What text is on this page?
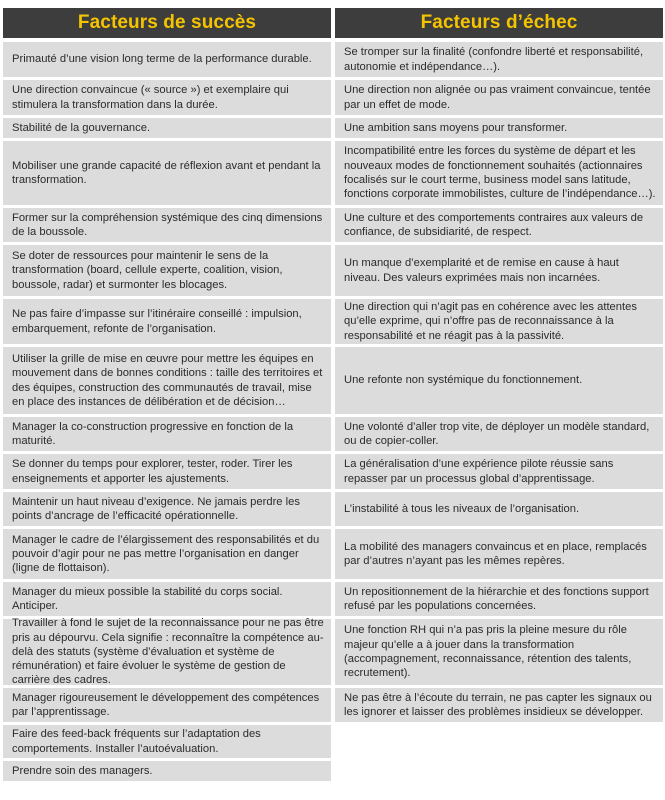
Facteurs de succès
Primauté d’une vision long terme de la performance durable.
Une direction convaincue (« source ») et exemplaire qui stimulera la transformation dans la durée.
Stabilité de la gouvernance.
Mobiliser une grande capacité de réflexion avant et pendant la transformation.
Former sur la compréhension systémique des cinq dimensions de la boussole.
Se doter de ressources pour maintenir le sens de la transformation (board, cellule experte, coalition, vision, boussole, radar) et surmonter les blocages.
Ne pas faire d’impasse sur l’itinéraire conseillé : impulsion, embarquement, refonte de l’organisation.
Utiliser la grille de mise en œuvre pour mettre les équipes en mouvement dans de bonnes conditions : taille des territoires et des équipes, construction des communautés de travail, mise en place des instances de délibération et de décision…
Manager la co-construction progressive en fonction de la maturité.
Se donner du temps pour explorer, tester, roder. Tirer les enseignements et apporter les ajustements.
Maintenir un haut niveau d’exigence. Ne jamais perdre les points d’ancrage de l’efficacité opérationnelle.
Manager le cadre de l’élargissement des responsabilités et du pouvoir d’agir pour ne pas mettre l’organisation en danger (ligne de flottaison).
Manager du mieux possible la stabilité du corps social. Anticiper.
Travailler à fond le sujet de la reconnaissance pour ne pas être pris au dépourvu. Cela signifie : reconnaître la compétence au-delà des statuts (système d’évaluation et système de rémunération) et faire évoluer le système de gestion de carrière des cadres.
Manager rigoureusement le développement des compétences par l’apprentissage.
Faire des feed-back fréquents sur l’adaptation des comportements. Installer l’autoévaluation.
Prendre soin des managers.
Facteurs d’échec
Se tromper sur la finalité (confondre liberté et responsabilité, autonomie et indépendance…).
Une direction non alignée ou pas vraiment convaincue, tentée par un effet de mode.
Une ambition sans moyens pour transformer.
Incompatibilité entre les forces du système de départ et les nouveaux modes de fonctionnement souhaités (actionnaires focalisés sur le court terme, business model sans latitude, fonctions corporate immobilistes, culture de l’indépendance…).
Une culture et des comportements contraires aux valeurs de confiance, de subsidiarité, de respect.
Un manque d’exemplarité et de remise en cause à haut niveau. Des valeurs exprimées mais non incarnées.
Une direction qui n’agit pas en cohérence avec les attentes qu’elle exprime, qui n’offre pas de reconnaissance à la responsabilité et ne réagit pas à la passivité.
Une refonte non systémique du fonctionnement.
Une volonté d’aller trop vite, de déployer un modèle standard, ou de copier-coller.
La généralisation d’une expérience pilote réussie sans repasser par un processus global d’apprentissage.
L’instabilité à tous les niveaux de l’organisation.
La mobilité des managers convaincus et en place, remplacés par d’autres n’ayant pas les mêmes repères.
Un repositionnement de la hiérarchie et des fonctions support refusé par les populations concernées.
Une fonction RH qui n’a pas pris la pleine mesure du rôle majeur qu’elle a à jouer dans la transformation (accompagnement, reconnaissance, rétention des talents, recrutement).
Ne pas être à l’écoute du terrain, ne pas capter les signaux ou les ignorer et laisser des problèmes insidieux se développer.
